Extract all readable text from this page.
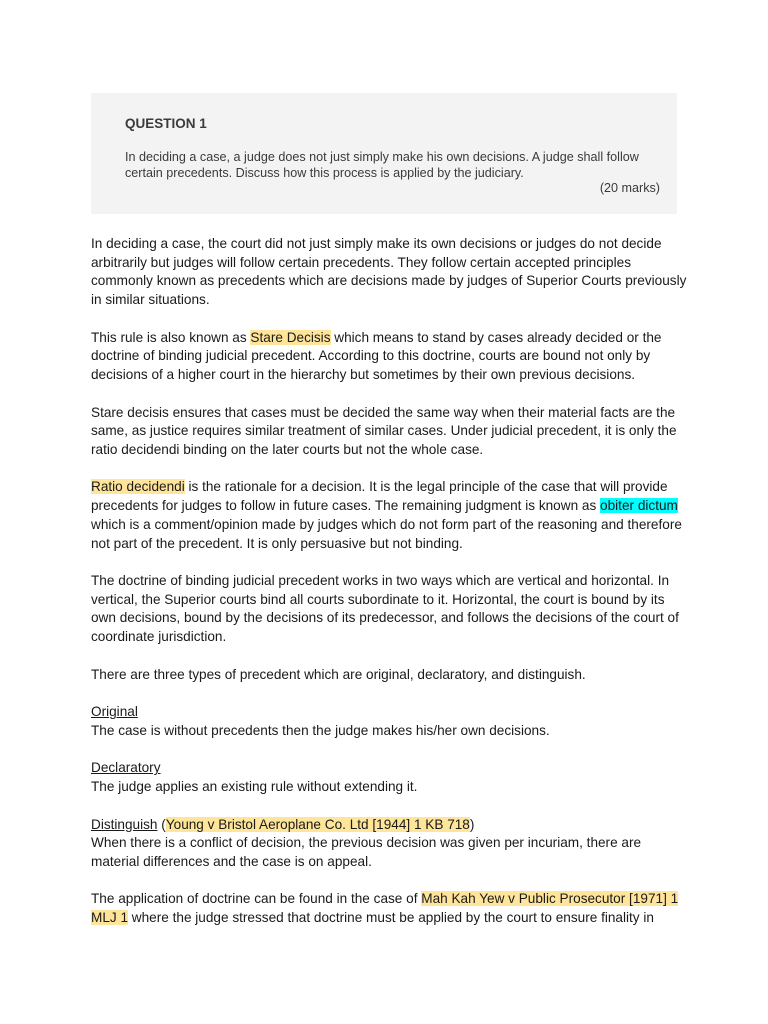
QUESTION 1

In deciding a case, a judge does not just simply make his own decisions. A judge shall follow certain precedents. Discuss how this process is applied by the judiciary.

(20 marks)

In deciding a case, the court did not just simply make its own decisions or judges do not decide arbitrarily but judges will follow certain precedents. They follow certain accepted principles commonly known as precedents which are decisions made by judges of Superior Courts previously in similar situations.

This rule is also known as Stare Decisis which means to stand by cases already decided or the doctrine of binding judicial precedent. According to this doctrine, courts are bound not only by decisions of a higher court in the hierarchy but sometimes by their own previous decisions.

Stare decisis ensures that cases must be decided the same way when their material facts are the same, as justice requires similar treatment of similar cases. Under judicial precedent, it is only the ratio decidendi binding on the later courts but not the whole case.

Ratio decidendi is the rationale for a decision. It is the legal principle of the case that will provide precedents for judges to follow in future cases. The remaining judgment is known as obiter dictum which is a comment/opinion made by judges which do not form part of the reasoning and therefore not part of the precedent. It is only persuasive but not binding.

The doctrine of binding judicial precedent works in two ways which are vertical and horizontal. In vertical, the Superior courts bind all courts subordinate to it. Horizontal, the court is bound by its own decisions, bound by the decisions of its predecessor, and follows the decisions of the court of coordinate jurisdiction.

There are three types of precedent which are original, declaratory, and distinguish.

Original
The case is without precedents then the judge makes his/her own decisions.

Declaratory
The judge applies an existing rule without extending it.

Distinguish (Young v Bristol Aeroplane Co. Ltd [1944] 1 KB 718)
When there is a conflict of decision, the previous decision was given per incuriam, there are material differences and the case is on appeal.

The application of doctrine can be found in the case of Mah Kah Yew v Public Prosecutor [1971] 1 MLJ 1 where the judge stressed that doctrine must be applied by the court to ensure finality in
